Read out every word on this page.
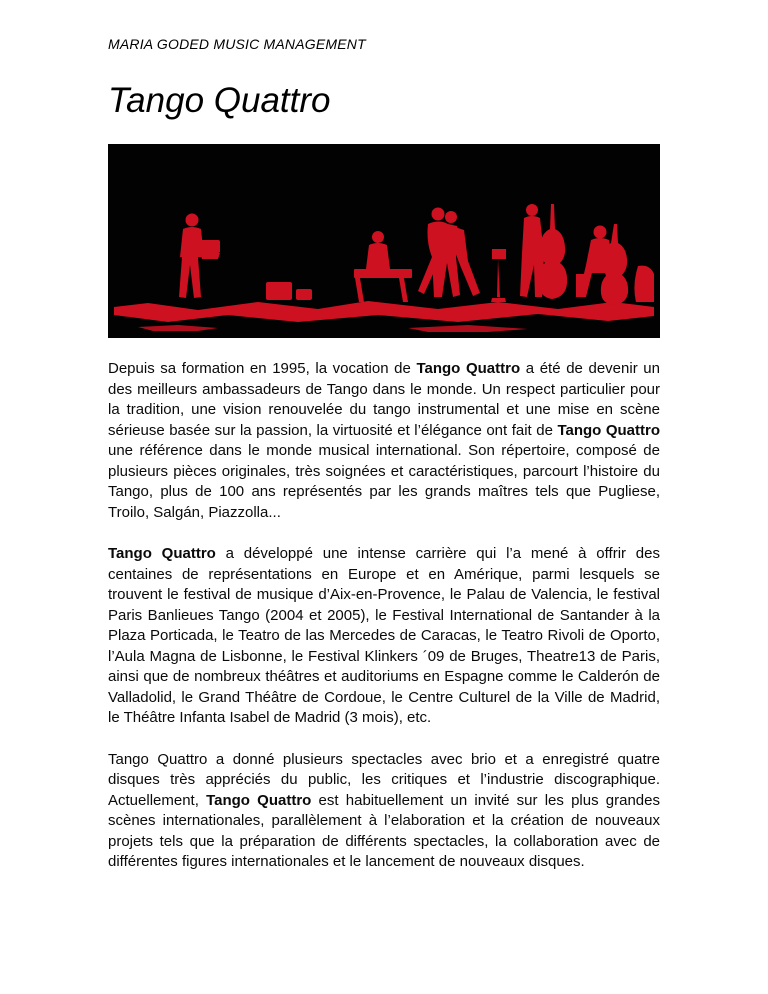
MARIA GODED MUSIC MANAGEMENT
Tango Quattro

Depuis sa formation en 1995, la vocation de Tango Quattro a été de devenir un des meilleurs ambassadeurs de Tango dans le monde. Un respect particulier pour la tradition, une vision renouvelée du tango instrumental et une mise en scène sérieuse basée sur la passion, la virtuosité et l’élégance ont fait de Tango Quattro une référence dans le monde musical international. Son répertoire, composé de plusieurs pièces originales, très soignées et caractéristiques, parcourt l’histoire du Tango, plus de 100 ans représentés par les grands maîtres tels que Pugliese, Troilo, Salgán, Piazzolla...

Tango Quattro a développé une intense carrière qui l’a mené à offrir des centaines de représentations en Europe et en Amérique, parmi lesquels se trouvent le festival de musique d’Aix-en-Provence, le Palau de Valencia, le festival Paris Banlieues Tango (2004 et 2005), le Festival International de Santander à la Plaza Porticada, le Teatro de las Mercedes de Caracas, le Teatro Rivoli de Oporto, l’Aula Magna de Lisbonne, le Festival Klinkers ´09 de Bruges, Theatre13 de Paris, ainsi que de nombreux théâtres et auditoriums en Espagne comme le Calderón de Valladolid, le Grand Théâtre de Cordoue, le Centre Culturel de la Ville de Madrid, le Théâtre Infanta Isabel de Madrid (3 mois), etc.

Tango Quattro a donné plusieurs spectacles avec brio et a enregistré quatre disques très appréciés du public, les critiques et l’industrie discographique. Actuellement, Tango Quattro est habituellement un invité sur les plus grandes scènes internationales, parallèlement à l’elaboration et la création de nouveaux projets tels que la préparation de différents spectacles, la collaboration avec de différentes figures internationales et le lancement de nouveaux disques.
